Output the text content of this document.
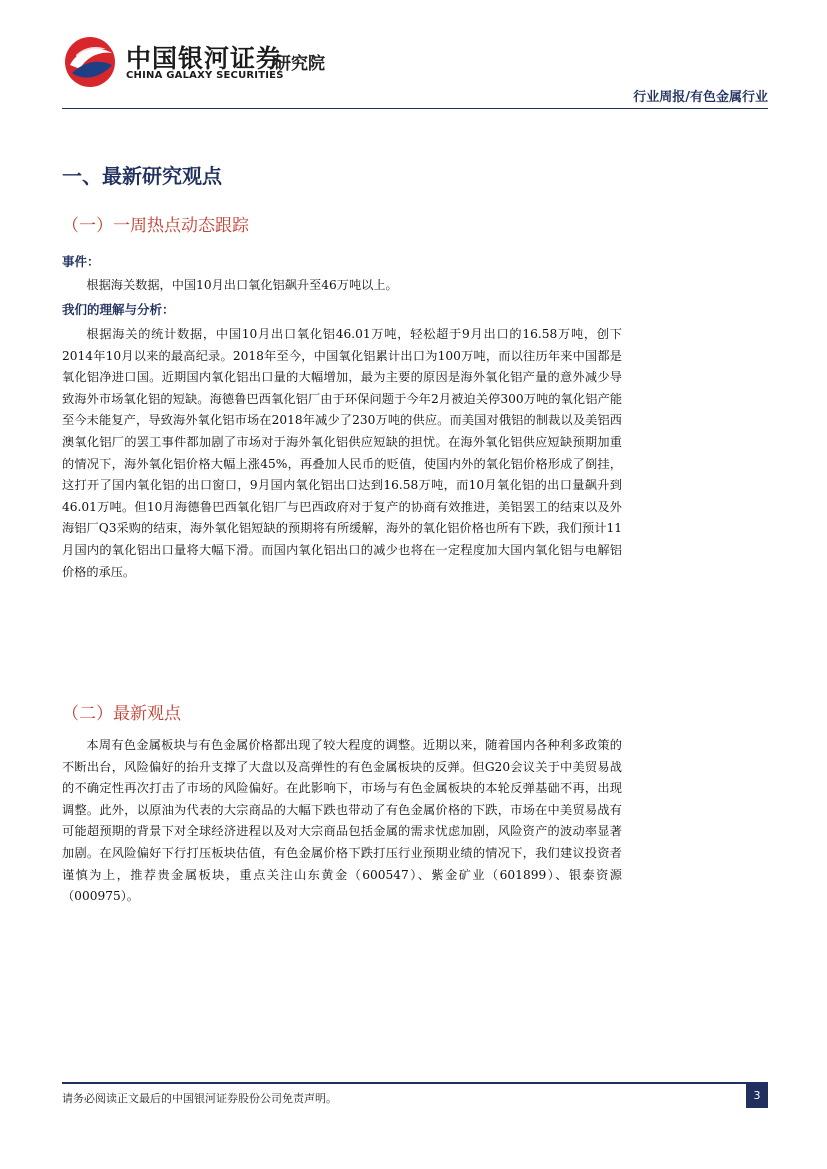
中国银河证券
CHINA GALAXY SECURITIES
研究院
行业周报/有色金属行业
一、最新研究观点
（一）一周热点动态跟踪
事件：
根据海关数据，中国10月出口氧化铝飙升至46万吨以上。
我们的理解与分析：
根据海关的统计数据，中国10月出口氧化铝46.01万吨，轻松超于9月出口的16.58万吨，创下2014年10月以来的最高纪录。2018年至今，中国氧化铝累计出口为100万吨，而以往历年来中国都是氧化铝净进口国。近期国内氧化铝出口量的大幅增加，最为主要的原因是海外氧化铝产量的意外减少导致海外市场氧化铝的短缺。海德鲁巴西氧化铝厂由于环保问题于今年2月被迫关停300万吨的氧化铝产能至今未能复产，导致海外氧化铝市场在2018年减少了230万吨的供应。而美国对俄铝的制裁以及美铝西澳氧化铝厂的罢工事件都加剧了市场对于海外氧化铝供应短缺的担忧。在海外氧化铝供应短缺预期加重的情况下，海外氧化铝价格大幅上涨45%，再叠加人民币的贬值，使国内外的氧化铝价格形成了倒挂，这打开了国内氧化铝的出口窗口，9月国内氧化铝出口达到16.58万吨，而10月氧化铝的出口量飙升到46.01万吨。但10月海德鲁巴西氧化铝厂与巴西政府对于复产的协商有效推进，美铝罢工的结束以及外海铝厂Q3采购的结束，海外氧化铝短缺的预期将有所缓解，海外的氧化铝价格也所有下跌，我们预计11月国内的氧化铝出口量将大幅下滑。而国内氧化铝出口的减少也将在一定程度加大国内氧化铝与电解铝价格的承压。
（二）最新观点
本周有色金属板块与有色金属价格都出现了较大程度的调整。近期以来，随着国内各种利多政策的不断出台，风险偏好的抬升支撑了大盘以及高弹性的有色金属板块的反弹。但G20会议关于中美贸易战的不确定性再次打击了市场的风险偏好。在此影响下，市场与有色金属板块的本轮反弹基础不再，出现调整。此外，以原油为代表的大宗商品的大幅下跌也带动了有色金属价格的下跌，市场在中美贸易战有可能超预期的背景下对全球经济进程以及对大宗商品包括金属的需求忧虑加剧，风险资产的波动率显著加剧。在风险偏好下行打压板块估值，有色金属价格下跌打压行业预期业绩的情况下，我们建议投资者谨慎为上，推荐贵金属板块，重点关注山东黄金（600547）、紫金矿业（601899）、银泰资源（000975）。
请务必阅读正文最后的中国银河证券股份公司免责声明。	3
